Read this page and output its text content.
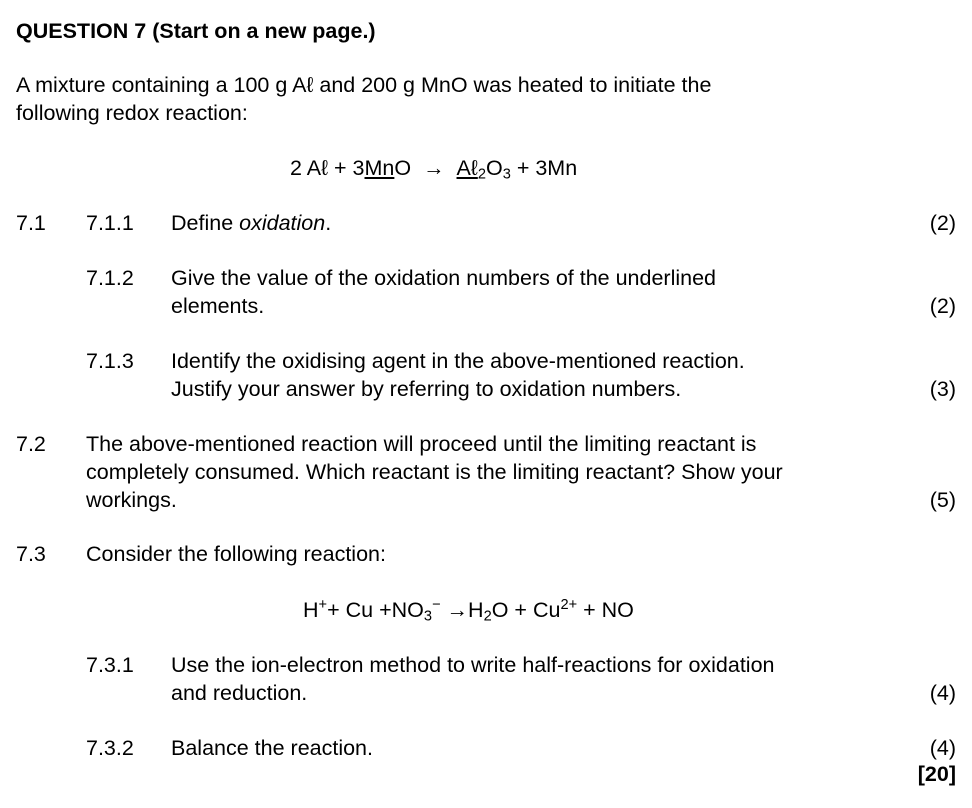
QUESTION 7 (Start on a new page.)
A mixture containing a 100 g Aℓ and 200 g MnO was heated to initiate the
following redox reaction:
2 Aℓ + $3MnO \to A\ell_2O_3 + 3Mn$
7.1 7.1.1 Define oxidation.	(2)
7.1.2 Give the value of the oxidation numbers of the underlined
elements.	(2)
7.1.3 Identify the oxidising agent in the above-mentioned reaction.
Justify your answer by referring to oxidation numbers.	(3)
7.2 The above-mentioned reaction will proceed until the limiting reactant is
completely consumed. Which reactant is the limiting reactant? Show your
workings.	(5)
7.3 Consider the following reaction:
$H^++ Cu +NO_3^- \to H_2O + Cu^{2+}$ + NO
7.3.1 Use the ion-electron method to write half-reactions for oxidation
and reduction.	(4)
7.3.2 Balance the reaction.	(4)
[20]
